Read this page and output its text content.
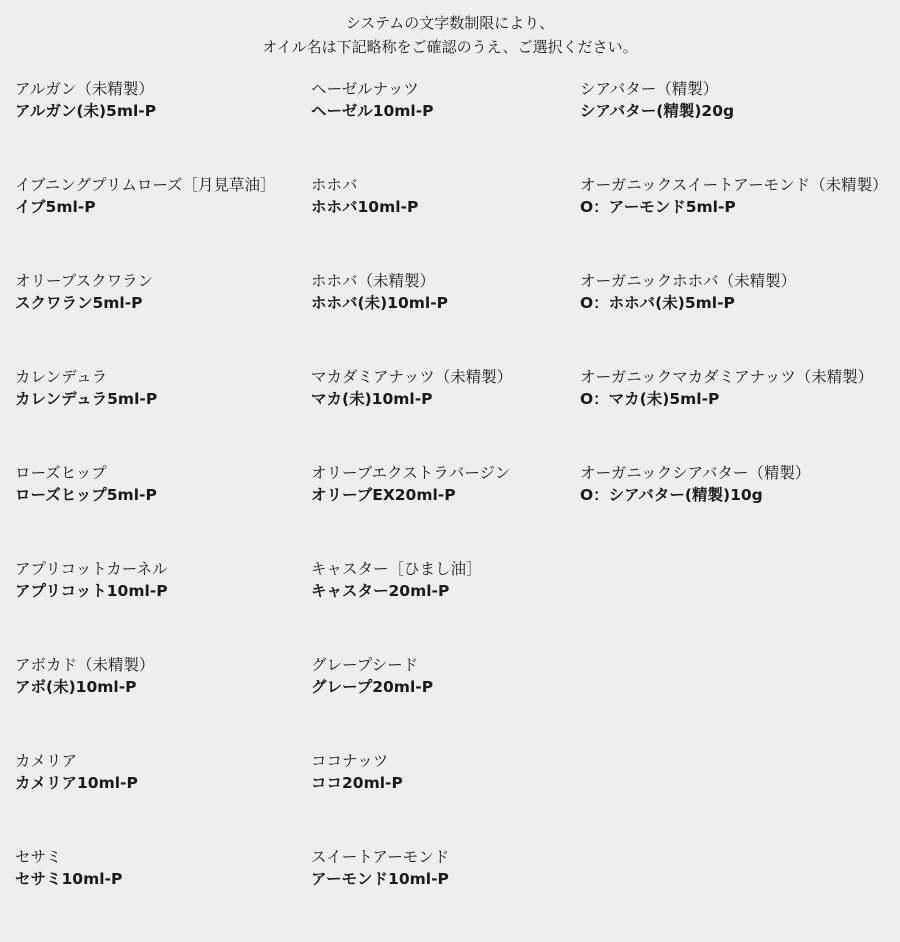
システムの文字数制限により、
オイル名は下記略称をご確認のうえ、ご選択ください。
アルガン（未精製）
アルガン(未)5ml-P
イブニングプリムローズ［月見草油］
イブ5ml-P
オリーブスクワラン
スクワラン5ml-P
カレンデュラ
カレンデュラ5ml-P
ローズヒップ
ローズヒップ5ml-P
アプリコットカーネル
アプリコット10ml-P
アボカド（未精製）
アボ(未)10ml-P
カメリア
カメリア10ml-P
セサミ
セサミ10ml-P
ヘーゼルナッツ
ヘーゼル10ml-P
ホホバ
ホホバ10ml-P
ホホバ（未精製）
ホホバ(未)10ml-P
マカダミアナッツ（未精製）
マカ(未)10ml-P
オリーブエクストラバージン
オリーブEX20ml-P
キャスター［ひまし油］
キャスター20ml-P
グレープシード
グレープ20ml-P
ココナッツ
ココ20ml-P
スイートアーモンド
アーモンド10ml-P
シアバター（精製）
シアバター(精製)20g
オーガニックスイートアーモンド（未精製）
O：アーモンド5ml-P
オーガニックホホバ（未精製）
O：ホホバ(未)5ml-P
オーガニックマカダミアナッツ（未精製）
O：マカ(未)5ml-P
オーガニックシアバター（精製）
O：シアバター(精製)10g
